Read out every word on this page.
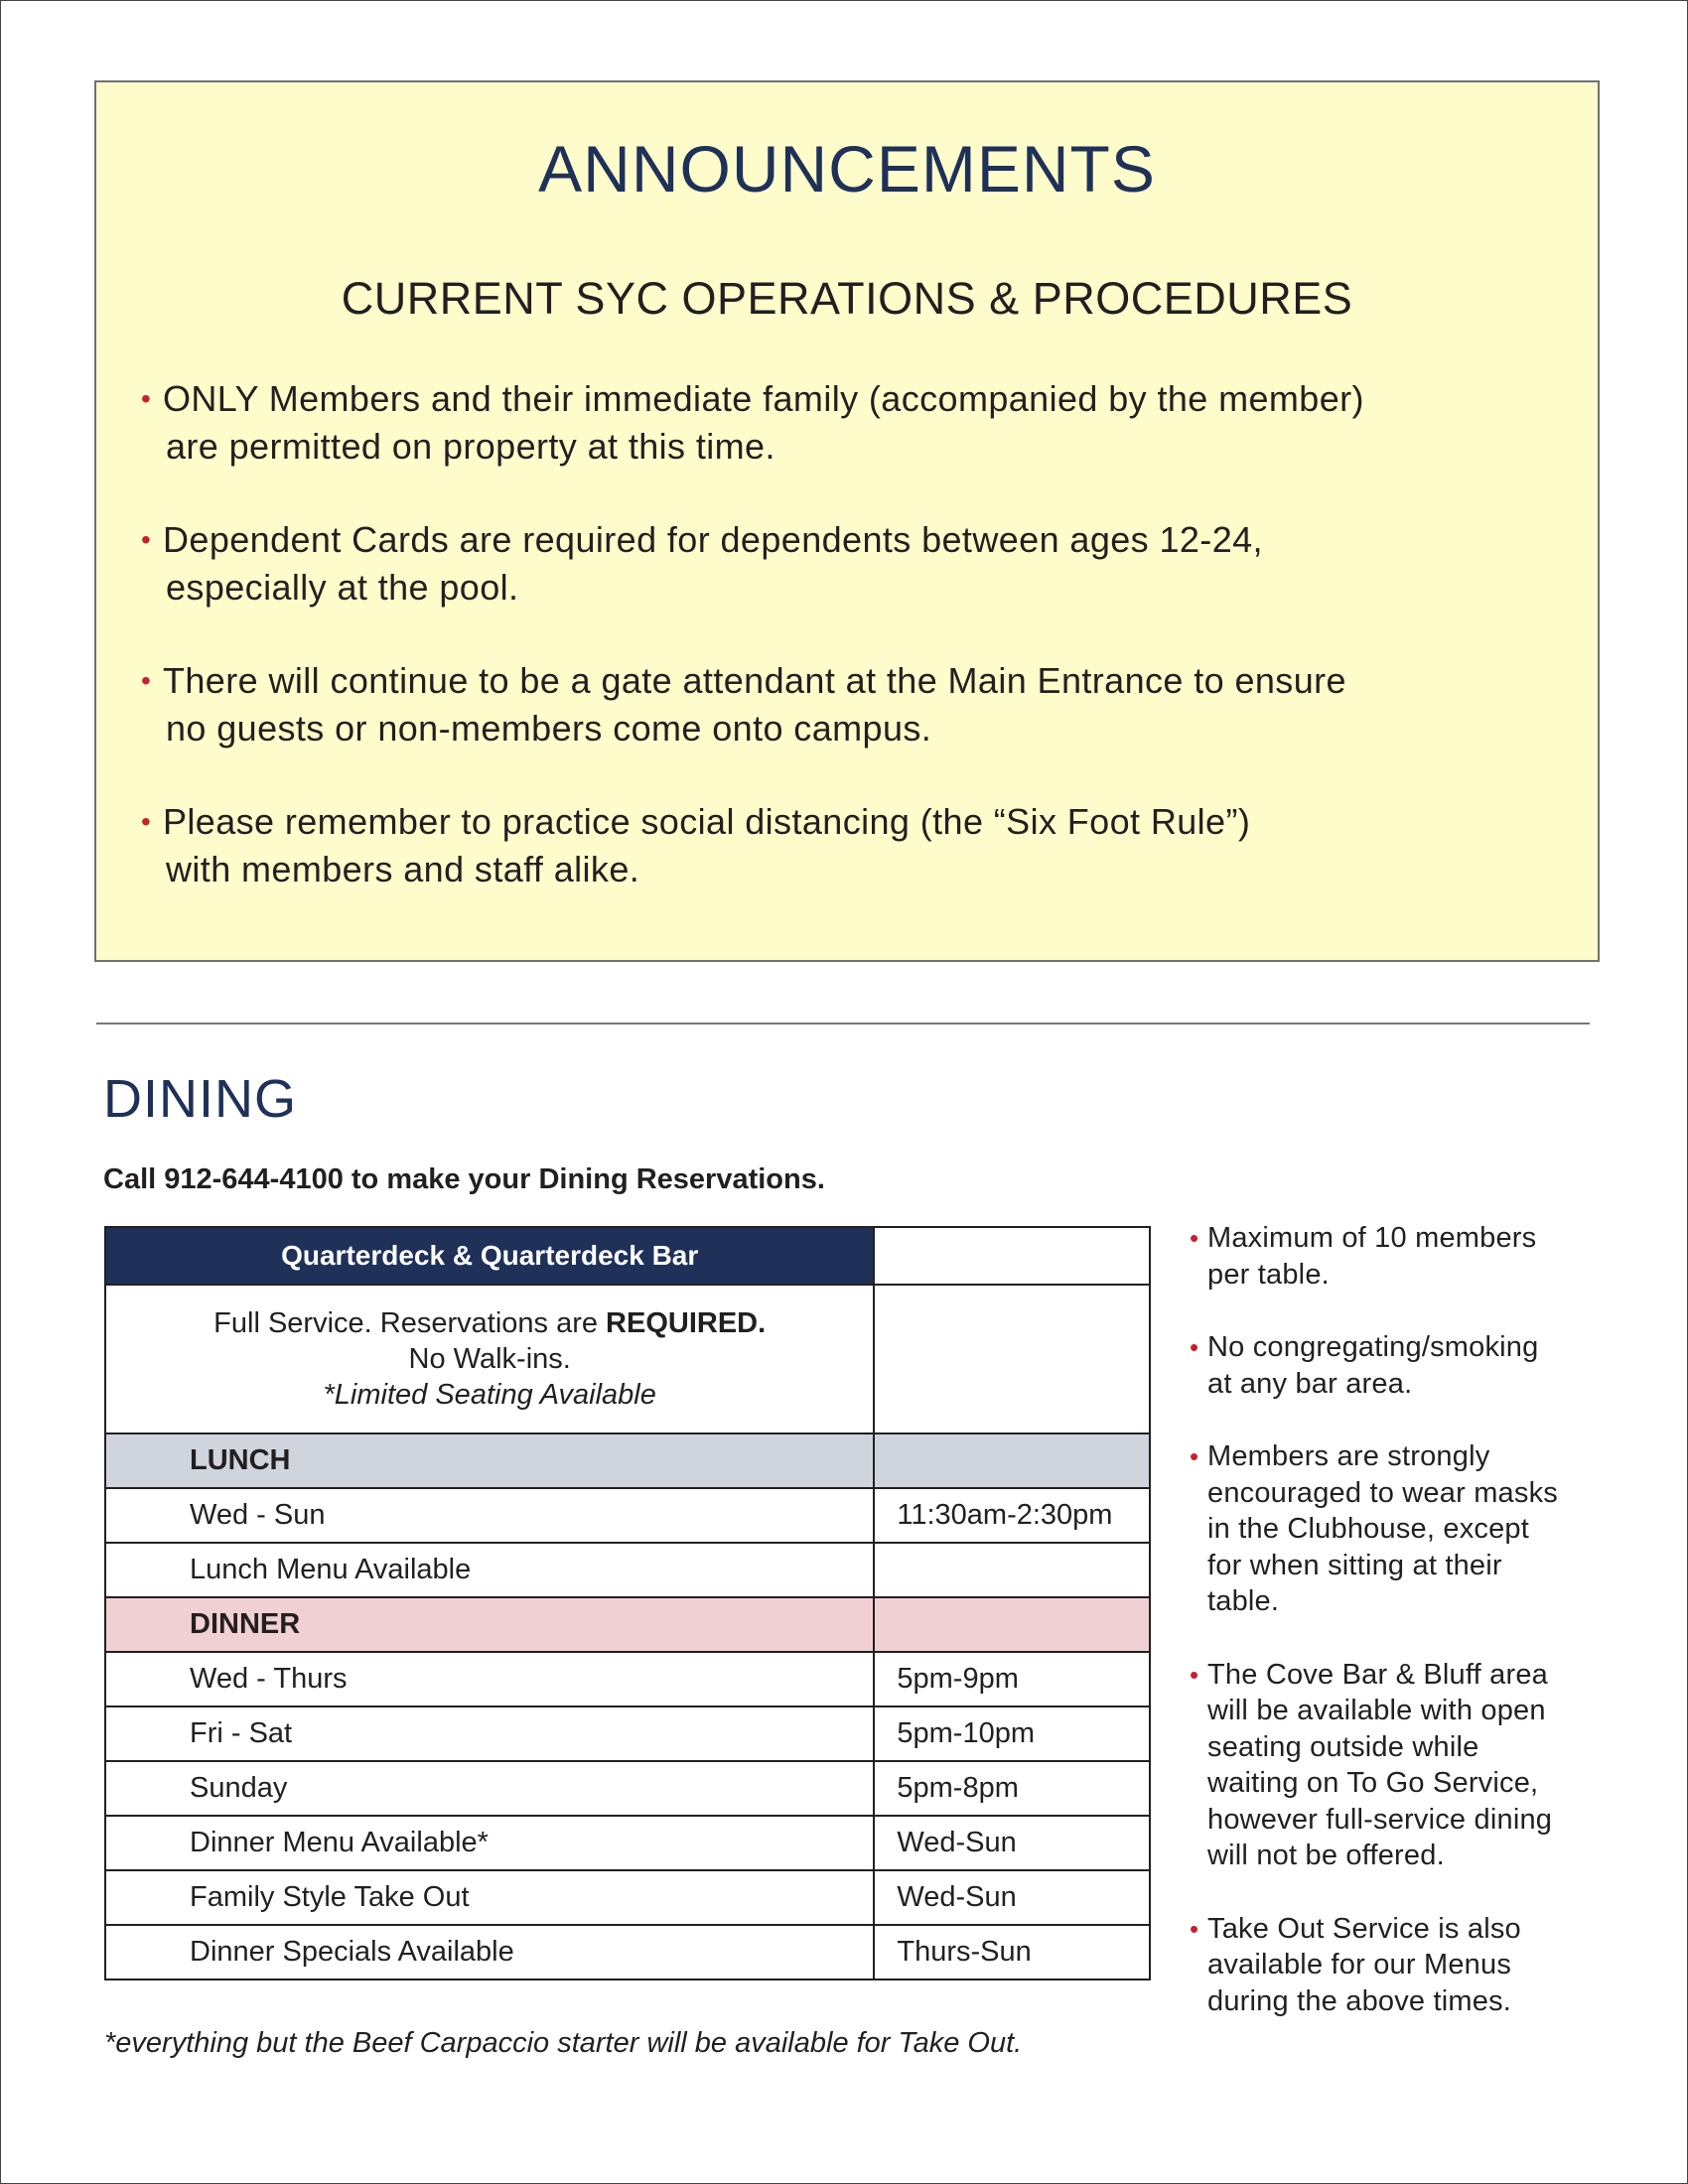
ANNOUNCEMENTS
CURRENT SYC OPERATIONS & PROCEDURES
• ONLY Members and their immediate family (accompanied by the member)
are permitted on property at this time.
• Dependent Cards are required for dependents between ages 12-24,
especially at the pool.
• There will continue to be a gate attendant at the Main Entrance to ensure
no guests or non-members come onto campus.
• Please remember to practice social distancing (the “Six Foot Rule”)
with members and staff alike.
DINING
Call 912-644-4100 to make your Dining Reservations.
Quarterdeck & Quarterdeck Bar	

Full Service. Reservations are REQUIRED.
No Walk-ins.
*Limited Seating Available	

LUNCH	
Wed - Sun	11:30am-2:30pm
Lunch Menu Available	
DINNER	
Wed - Thurs	5pm-9pm
Fri - Sat	5pm-10pm
Sunday	5pm-8pm
Dinner Menu Available*	Wed-Sun
Family Style Take Out	Wed-Sun
Dinner Specials Available	Thurs-Sun
*everything but the Beef Carpaccio starter will be available for Take Out.
• Maximum of 10 members
per table.
• No congregating/smoking
at any bar area.
• Members are strongly
encouraged to wear masks
in the Clubhouse, except
for when sitting at their
table.
• The Cove Bar & Bluff area
will be available with open
seating outside while
waiting on To Go Service,
however full-service dining
will not be offered.
• Take Out Service is also
available for our Menus
during the above times.
